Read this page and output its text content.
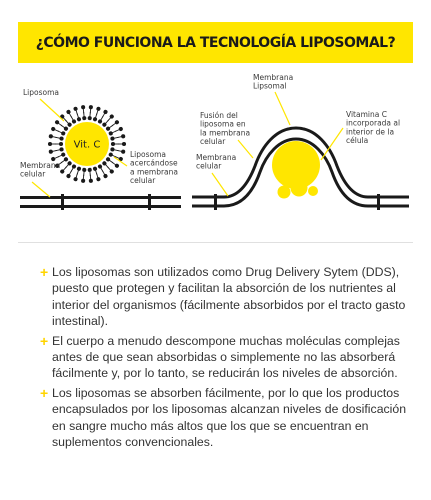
¿CÓMO FUNCIONA LA TECNOLOGÍA LIPOSOMAL?
Vit. C
Liposoma
Membrana celular
Liposoma acercándose a membrana celular
Membrana Lipsomal
Fusión del liposoma en la membrana celular
Membrana celular
Vitamina C incorporada al interior de la célula
+ Los liposomas son utilizados como Drug Delivery Sytem (DDS), puesto que protegen y facilitan la absorción de los nutrientes al interior del organismos (fácilmente absorbidos por el tracto gasto intestinal).
+ El cuerpo a menudo descompone muchas moléculas complejas antes de que sean absorbidas o simplemente no las absorberá fácilmente y, por lo tanto, se reducirán los niveles de absorción.
+ Los liposomas se absorben fácilmente, por lo que los productos encapsulados por los liposomas alcanzan niveles de dosificación en sangre mucho más altos que los que se encuentran en suplementos convencionales.
